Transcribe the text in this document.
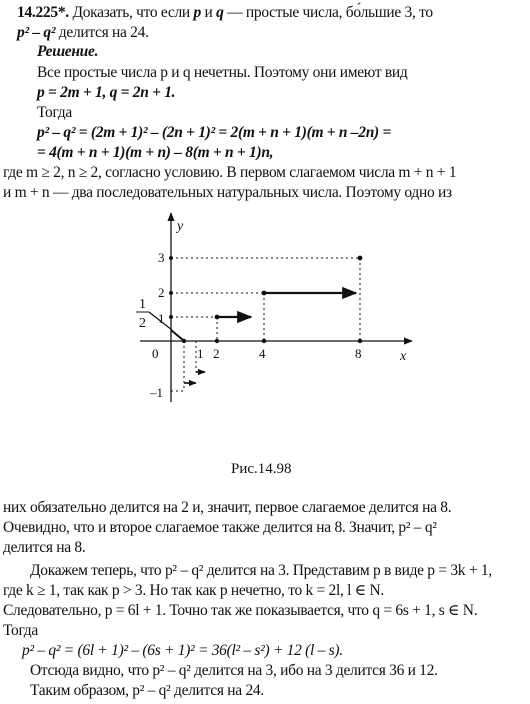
14.225*. Доказать, что если p и q — простые числа, бо́льшие 3, то
p² – q² делится на 24.
Решение.
Все простые числа p и q нечетны. Поэтому они имеют вид
p = 2m + 1, q = 2n + 1.
Тогда
p² – q² = (2m + 1)² – (2n + 1)² = 2(m + n + 1)(m + n –2n) =
= 4(m + n + 1)(m + n) – 8(m + n + 1)n,
где m ≥ 2, n ≥ 2, согласно условию. В первом слагаемом числа m + n + 1
и m + n — два последовательных натуральных числа. Поэтому одно из
x
y
0
3
2
1
–1
1 2	4	8
1
2
Рис.14.98
них обязательно делится на 2 и, значит, первое слагаемое делится на 8.
Очевидно, что и второе слагаемое также делится на 8. Значит, p² – q²
делится на 8.
Докажем теперь, что p² – q² делится на 3. Представим p в виде p = 3k + 1,
где k ≥ 1, так как p > 3. Но так как p нечетно, то k = 2l, l ∈ N.
Следовательно, p = 6l + 1. Точно так же показывается, что q = 6s + 1, s ∈ N.
Тогда
p² – q² = (6l + 1)² – (6s + 1)² = 36(l² – s²) + 12 (l – s).
Отсюда видно, что p² – q² делится на 3, ибо на 3 делится 36 и 12.
Таким образом, p² – q² делится на 24.
